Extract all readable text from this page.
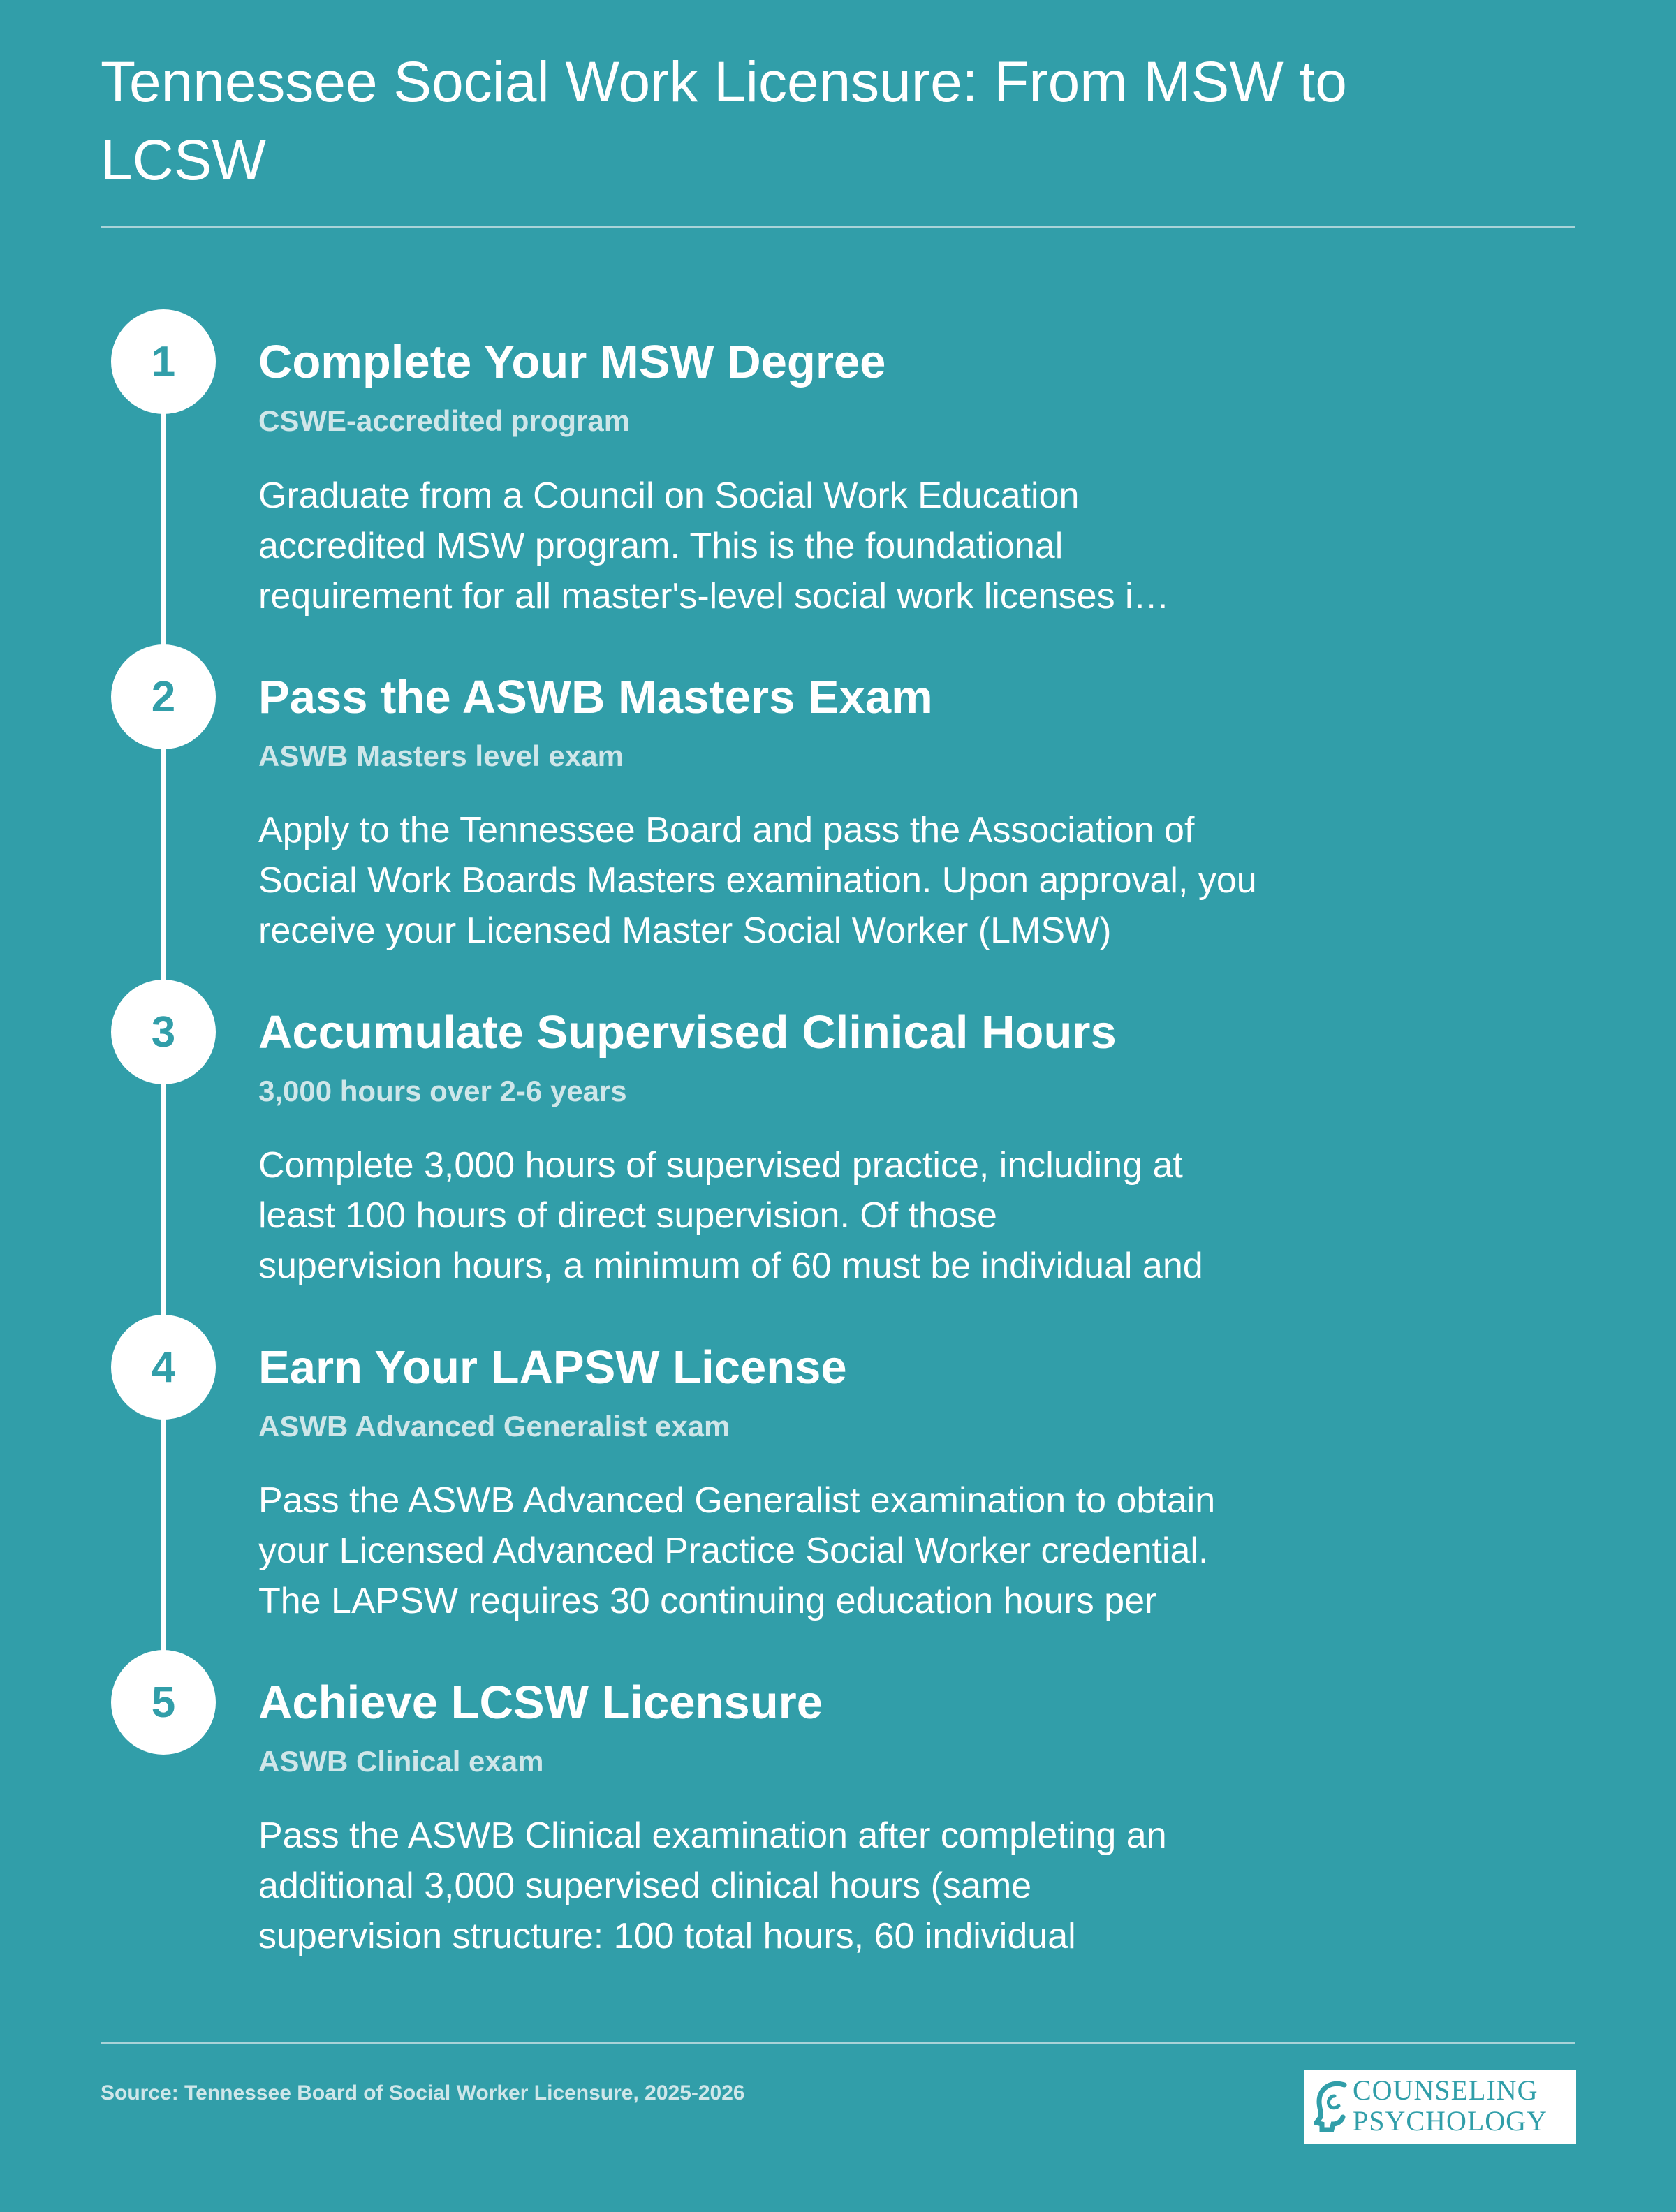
Tennessee Social Work Licensure: From MSW to LCSW
1	Complete Your MSW Degree

CSWE-accredited program

Graduate from a Council on Social Work Education
accredited MSW program. This is the foundational
requirement for all master's-level social work licenses i…

2	Pass the ASWB Masters Exam

ASWB Masters level exam

Apply to the Tennessee Board and pass the Association of
Social Work Boards Masters examination. Upon approval, you
receive your Licensed Master Social Worker (LMSW)

3	Accumulate Supervised Clinical Hours

3,000 hours over 2-6 years

Complete 3,000 hours of supervised practice, including at
least 100 hours of direct supervision. Of those
supervision hours, a minimum of 60 must be individual and

4	Earn Your LAPSW License

ASWB Advanced Generalist exam

Pass the ASWB Advanced Generalist examination to obtain
your Licensed Advanced Practice Social Worker credential.
The LAPSW requires 30 continuing education hours per

5	Achieve LCSW Licensure

ASWB Clinical exam

Pass the ASWB Clinical examination after completing an
additional 3,000 supervised clinical hours (same
supervision structure: 100 total hours, 60 individual

Source: Tennessee Board of Social Worker Licensure, 2025-2026	COUNSELING
PSYCHOLOGY
